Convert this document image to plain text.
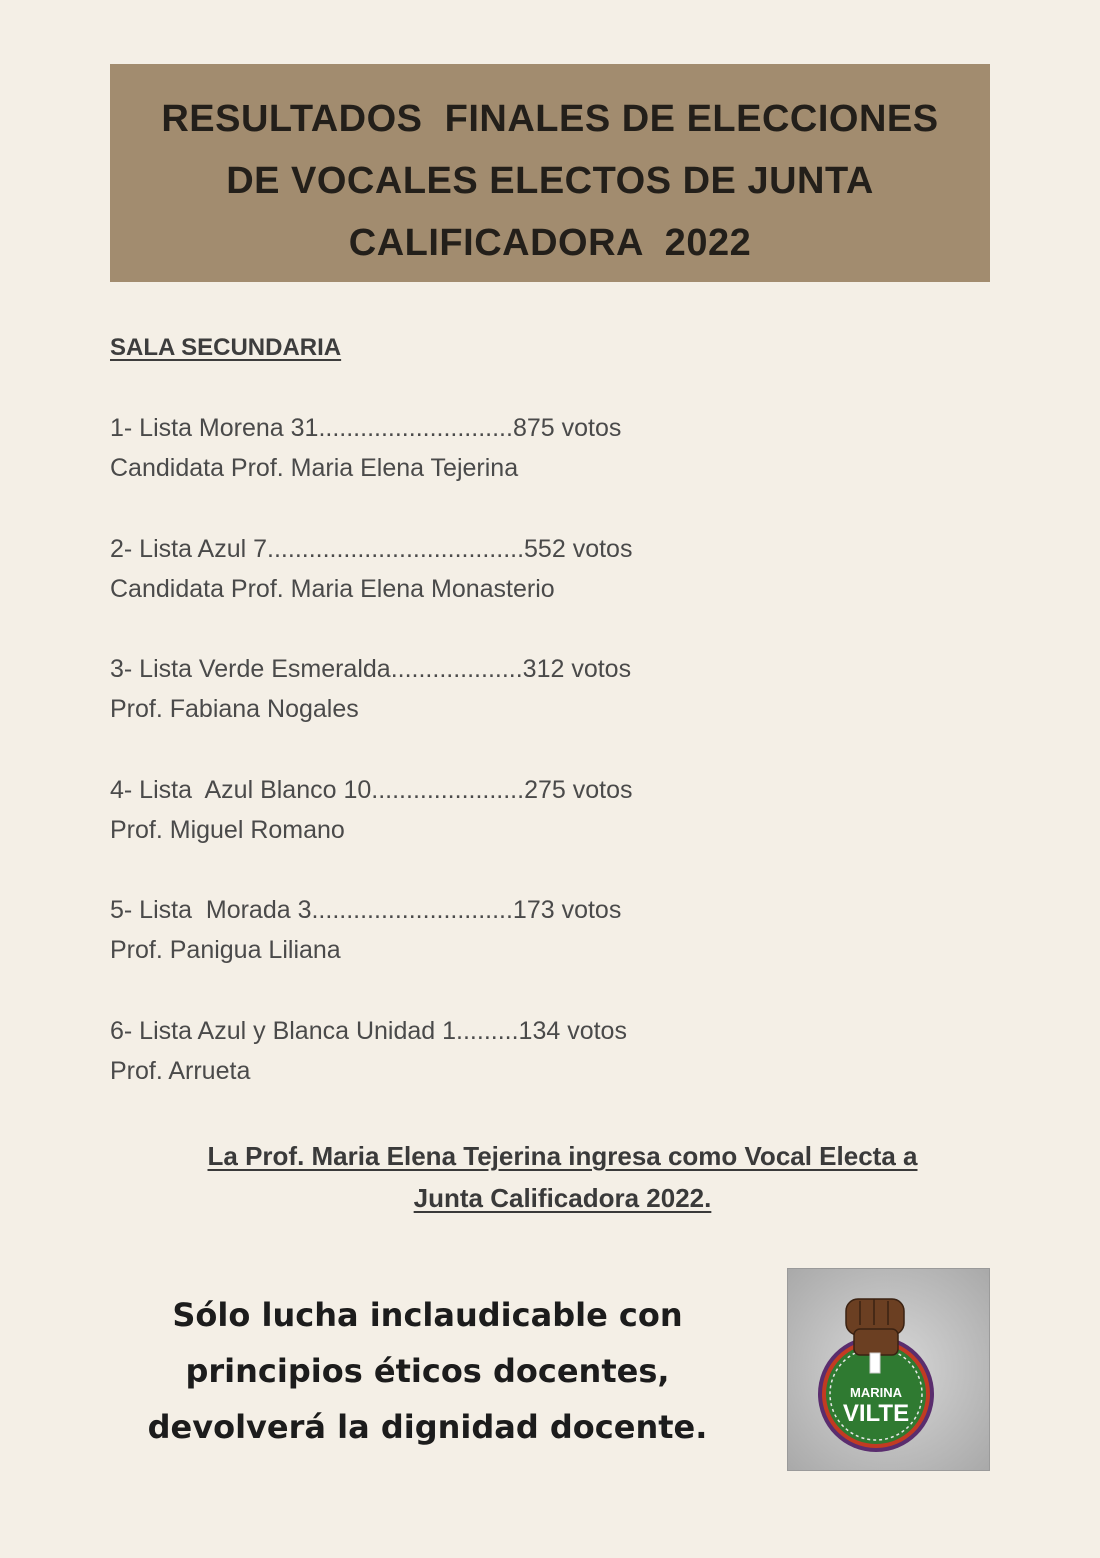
RESULTADOS  FINALES DE ELECCIONES
DE VOCALES ELECTOS DE JUNTA
CALIFICADORA  2022
SALA SECUNDARIA
1- Lista Morena 31............................875 votos
Candidata Prof. Maria Elena Tejerina
2- Lista Azul 7.....................................552 votos
Candidata Prof. Maria Elena Monasterio
3- Lista Verde Esmeralda...................312 votos
Prof. Fabiana Nogales
4- Lista  Azul Blanco 10......................275 votos
Prof. Miguel Romano
5- Lista  Morada 3.............................173 votos
Prof. Panigua Liliana
6- Lista Azul y Blanca Unidad 1.........134 votos
Prof. Arrueta
La Prof. Maria Elena Tejerina ingresa como Vocal Electa a
Junta Calificadora 2022.
Sólo lucha inclaudicable con
principios éticos docentes,
devolverá la dignidad docente.
MARINA
VILTE
